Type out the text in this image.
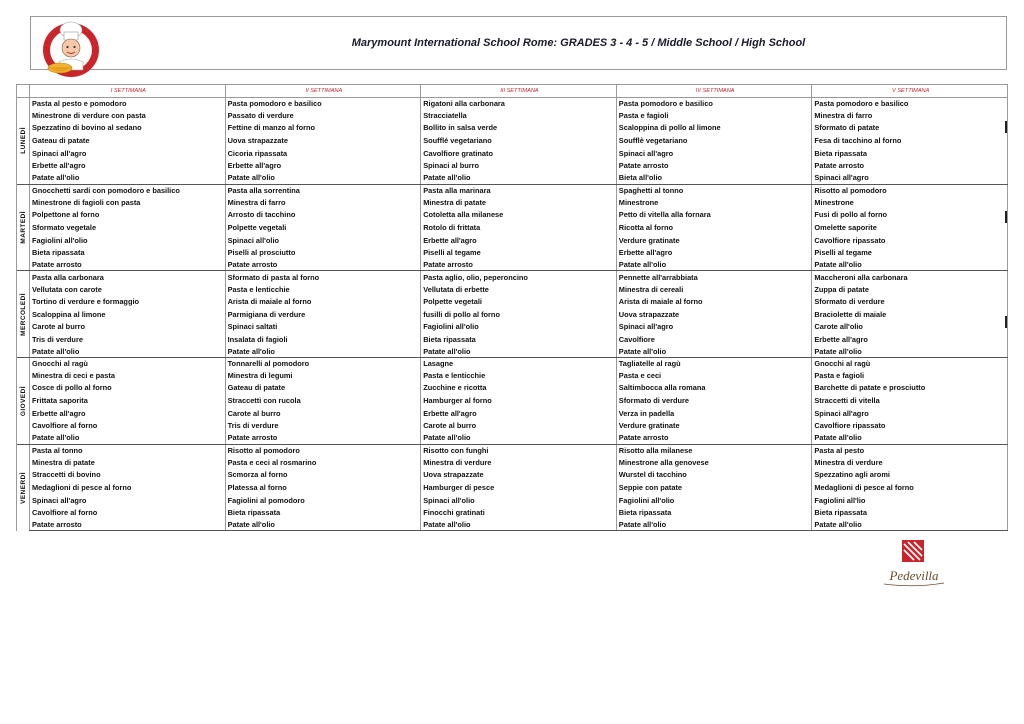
Marymount International School Rome: GRADES 3 - 4 - 5 / Middle School / High School
	I SETTIMANA	II SETTIMANA	III SETTIMANA	IV SETTIMANA	V SETTIMANA

LUNEDÌ	Pasta al pesto e pomodoro	Pasta pomodoro e basilico	Rigatoni alla carbonara	Pasta pomodoro e basilico	Pasta pomodoro e basilico
	Minestrone di verdure con pasta	Passato di verdure	Stracciatella	Pasta e fagioli	Minestra di farro
	Spezzatino di bovino al sedano	Fettine di manzo al forno	Bollito in salsa verde	Scaloppina di pollo al limone	Sformato di patate
	Gateau di patate	Uova strapazzate	Soufflé vegetariano	Soufflè vegetariano	Fesa di tacchino al forno
	Spinaci all'agro	Cicoria ripassata	Cavolfiore gratinato	Spinaci all'agro	Bieta ripassata
	Erbette all'agro	Erbette all'agro	Spinaci al burro	Patate arrosto	Patate arrosto
	Patate all'olio	Patate all'olio	Patate all'olio	Bieta all'olio	Spinaci all'agro

MARTEDÌ	Gnocchetti sardi con pomodoro e basilico	Pasta alla sorrentina	Pasta alla marinara	Spaghetti al tonno	Risotto al pomodoro
	Minestrone di fagioli con pasta	Minestra di farro	Minestra di patate	Minestrone	Minestrone
	Polpettone al forno	Arrosto di tacchino	Cotoletta alla milanese	Petto di vitella alla fornara	Fusi di pollo al forno
	Sformato vegetale	Polpette vegetali	Rotolo di frittata	Ricotta al forno	Omelette saporite
	Fagiolini all'olio	Spinaci all'olio	Erbette all'agro	Verdure gratinate	Cavolfiore ripassato
	Bieta ripassata	Piselli al prosciutto	Piselli al tegame	Erbette all'agro	Piselli al tegame
	Patate arrosto	Patate arrosto	Patate arrosto	Patate all'olio	Patate all'olio

MERCOLEDÌ	Pasta alla carbonara	Sformato di pasta al forno	Pasta aglio, olio, peperoncino	Pennette all'arrabbiata	Maccheroni alla carbonara
	Vellutata con carote	Pasta e lenticchie	Vellutata di erbette	Minestra di cereali	Zuppa di patate
	Tortino di verdure e formaggio	Arista di maiale al forno	Polpette vegetali	Arista di maiale al forno	Sformato di verdure
	Scaloppina al limone	Parmigiana di verdure	fusilli di pollo al forno	Uova strapazzate	Braciolette di maiale
	Carote al burro	Spinaci saltati	Fagiolini all'olio	Spinaci all'agro	Carote all'olio
	Tris di verdure	Insalata di fagioli	Bieta ripassata	Cavolfiore	Erbette all'agro
	Patate all'olio	Patate all'olio	Patate all'olio	Patate all'olio	Patate all'olio

GIOVEDÌ	Gnocchi al ragù	Tonnarelli al pomodoro	Lasagne	Tagliatelle al ragù	Gnocchi al ragù
	Minestra di ceci e pasta	Minestra di legumi	Pasta e lenticchie	Pasta e ceci	Pasta e fagioli
	Cosce di pollo al forno	Gateau di patate	Zucchine e ricotta	Saltimbocca alla romana	Barchette di patate e prosciutto
	Frittata saporita	Straccetti con rucola	Hamburger al forno	Sformato di verdure	Straccetti di vitella
	Erbette all'agro	Carote al burro	Erbette all'agro	Verza in padella	Spinaci all'agro
	Cavolfiore al forno	Tris di verdure	Carote al burro	Verdure gratinate	Cavolfiore ripassato
	Patate all'olio	Patate arrosto	Patate all'olio	Patate arrosto	Patate all'olio

VENERDÌ	Pasta al tonno	Risotto al pomodoro	Risotto con funghi	Risotto alla milanese	Pasta al pesto
	Minestra di patate	Pasta e ceci al rosmarino	Minestra di verdure	Minestrone alla genovese	Minestra di verdure
	Straccetti di bovino	Scmorza al forno	Uova strapazzate	Wurstel di tacchino	Spezzatino agli aromi
	Medaglioni di pesce al forno	Platessa al forno	Hamburger di pesce	Seppie con patate	Medaglioni di pesce al forno
	Spinaci all'agro	Fagiolini al pomodoro	Spinaci all'olio	Fagiolini all'olio	Fagiolini all'lio
	Cavolfiore al forno	Bieta ripassata	Finocchi gratinati	Bieta ripassata	Bieta ripassata
	Patate arrosto	Patate all'olio	Patate all'olio	Patate all'olio	Patate all'olio
Pedevilla
